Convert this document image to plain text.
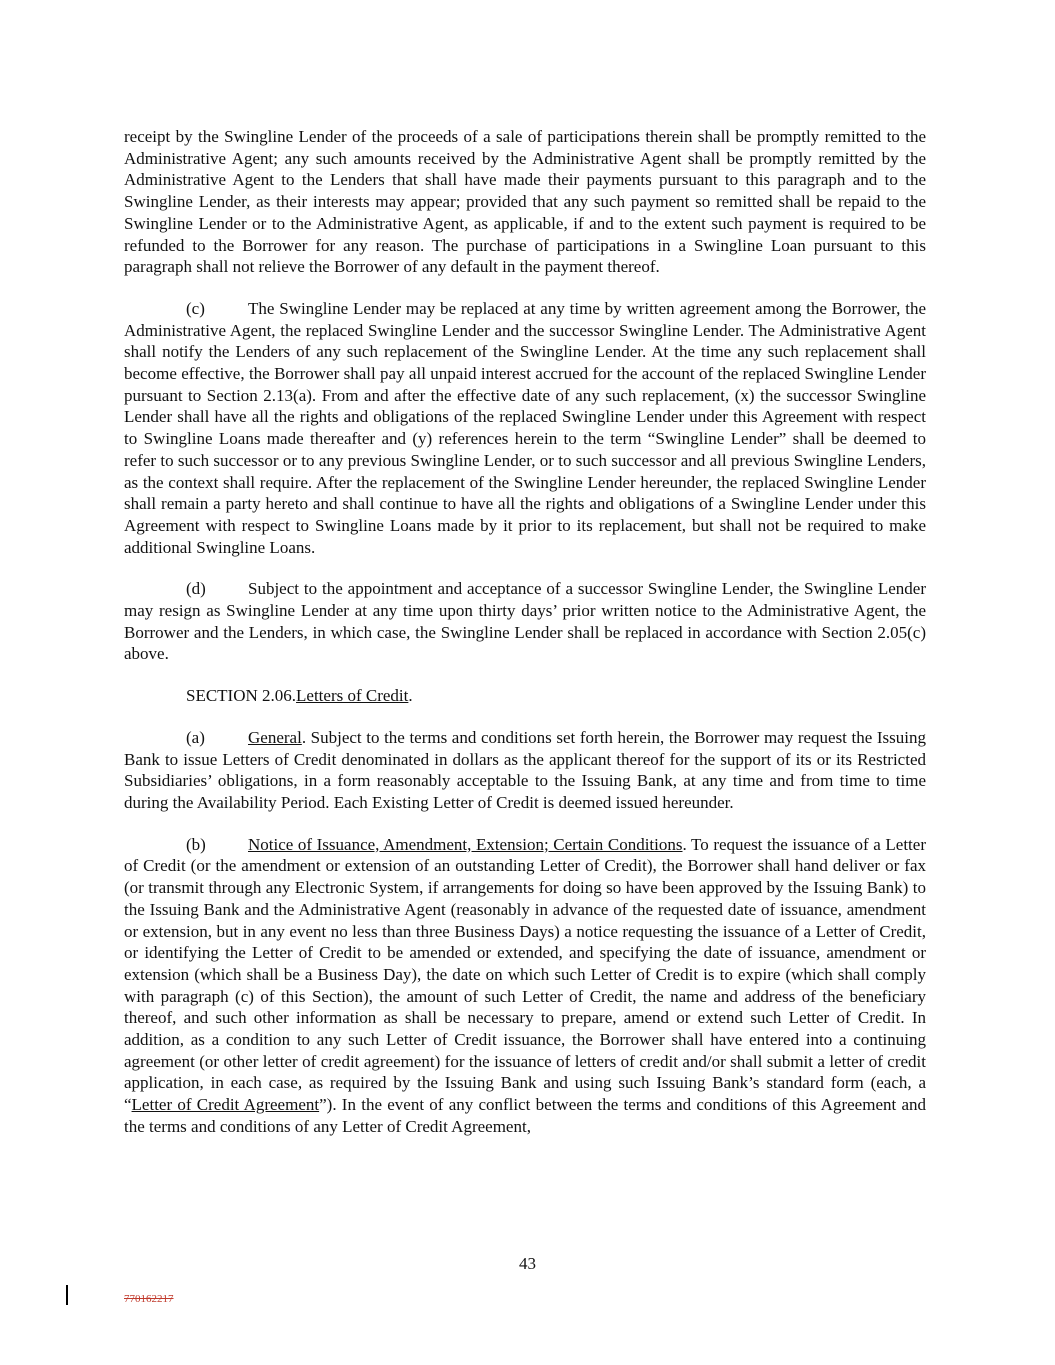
receipt by the Swingline Lender of the proceeds of a sale of participations therein shall be promptly remitted to the Administrative Agent; any such amounts received by the Administrative Agent shall be promptly remitted by the Administrative Agent to the Lenders that shall have made their payments pursuant to this paragraph and to the Swingline Lender, as their interests may appear; provided that any such payment so remitted shall be repaid to the Swingline Lender or to the Administrative Agent, as applicable, if and to the extent such payment is required to be refunded to the Borrower for any reason. The purchase of participations in a Swingline Loan pursuant to this paragraph shall not relieve the Borrower of any default in the payment thereof.

(c)	The Swingline Lender may be replaced at any time by written agreement among the Borrower, the Administrative Agent, the replaced Swingline Lender and the successor Swingline Lender. The Administrative Agent shall notify the Lenders of any such replacement of the Swingline Lender. At the time any such replacement shall become effective, the Borrower shall pay all unpaid interest accrued for the account of the replaced Swingline Lender pursuant to Section 2.13(a). From and after the effective date of any such replacement, (x) the successor Swingline Lender shall have all the rights and obligations of the replaced Swingline Lender under this Agreement with respect to Swingline Loans made thereafter and (y) references herein to the term “Swingline Lender” shall be deemed to refer to such successor or to any previous Swingline Lender, or to such successor and all previous Swingline Lenders, as the context shall require. After the replacement of the Swingline Lender hereunder, the replaced Swingline Lender shall remain a party hereto and shall continue to have all the rights and obligations of a Swingline Lender under this Agreement with respect to Swingline Loans made by it prior to its replacement, but shall not be required to make additional Swingline Loans.

(d) Subject to the appointment and acceptance of a successor Swingline Lender, the Swingline Lender may resign as Swingline Lender at any time upon thirty days’ prior written notice to the Administrative Agent, the Borrower and the Lenders, in which case, the Swingline Lender shall be replaced in accordance with Section 2.05(c) above.

SECTION 2.06.Letters of Credit.

(a)	General. Subject to the terms and conditions set forth herein, the Borrower may request the Issuing Bank to issue Letters of Credit denominated in dollars as the applicant thereof for the support of its or its Restricted Subsidiaries’ obligations, in a form reasonably acceptable to the Issuing Bank, at any time and from time to time during the Availability Period. Each Existing Letter of Credit is deemed issued hereunder.

(b) Notice of Issuance, Amendment, Extension; Certain Conditions. To request the issuance of a Letter of Credit (or the amendment or extension of an outstanding Letter of Credit), the Borrower shall hand deliver or fax (or transmit through any Electronic System, if arrangements for doing so have been approved by the Issuing Bank) to the Issuing Bank and the Administrative Agent (reasonably in advance of the requested date of issuance, amendment or extension, but in any event no less than three Business Days) a notice requesting the issuance of a Letter of Credit, or identifying the Letter of Credit to be amended or extended, and specifying the date of issuance, amendment or extension (which shall be a Business Day), the date on which such Letter of Credit is to expire (which shall comply with paragraph (c) of this Section), the amount of such Letter of Credit, the name and address of the beneficiary thereof, and such other information as shall be necessary to prepare, amend or extend such Letter of Credit. In addition, as a condition to any such Letter of Credit issuance, the Borrower shall have entered into a continuing agreement (or other letter of credit agreement) for the issuance of letters of credit and/or shall submit a letter of credit application, in each case, as required by the Issuing Bank and using such Issuing Bank’s standard form (each, a “Letter of Credit Agreement”). In the event of any conflict between the terms and conditions of this Agreement and the terms and conditions of any Letter of Credit Agreement,

43
770162217
